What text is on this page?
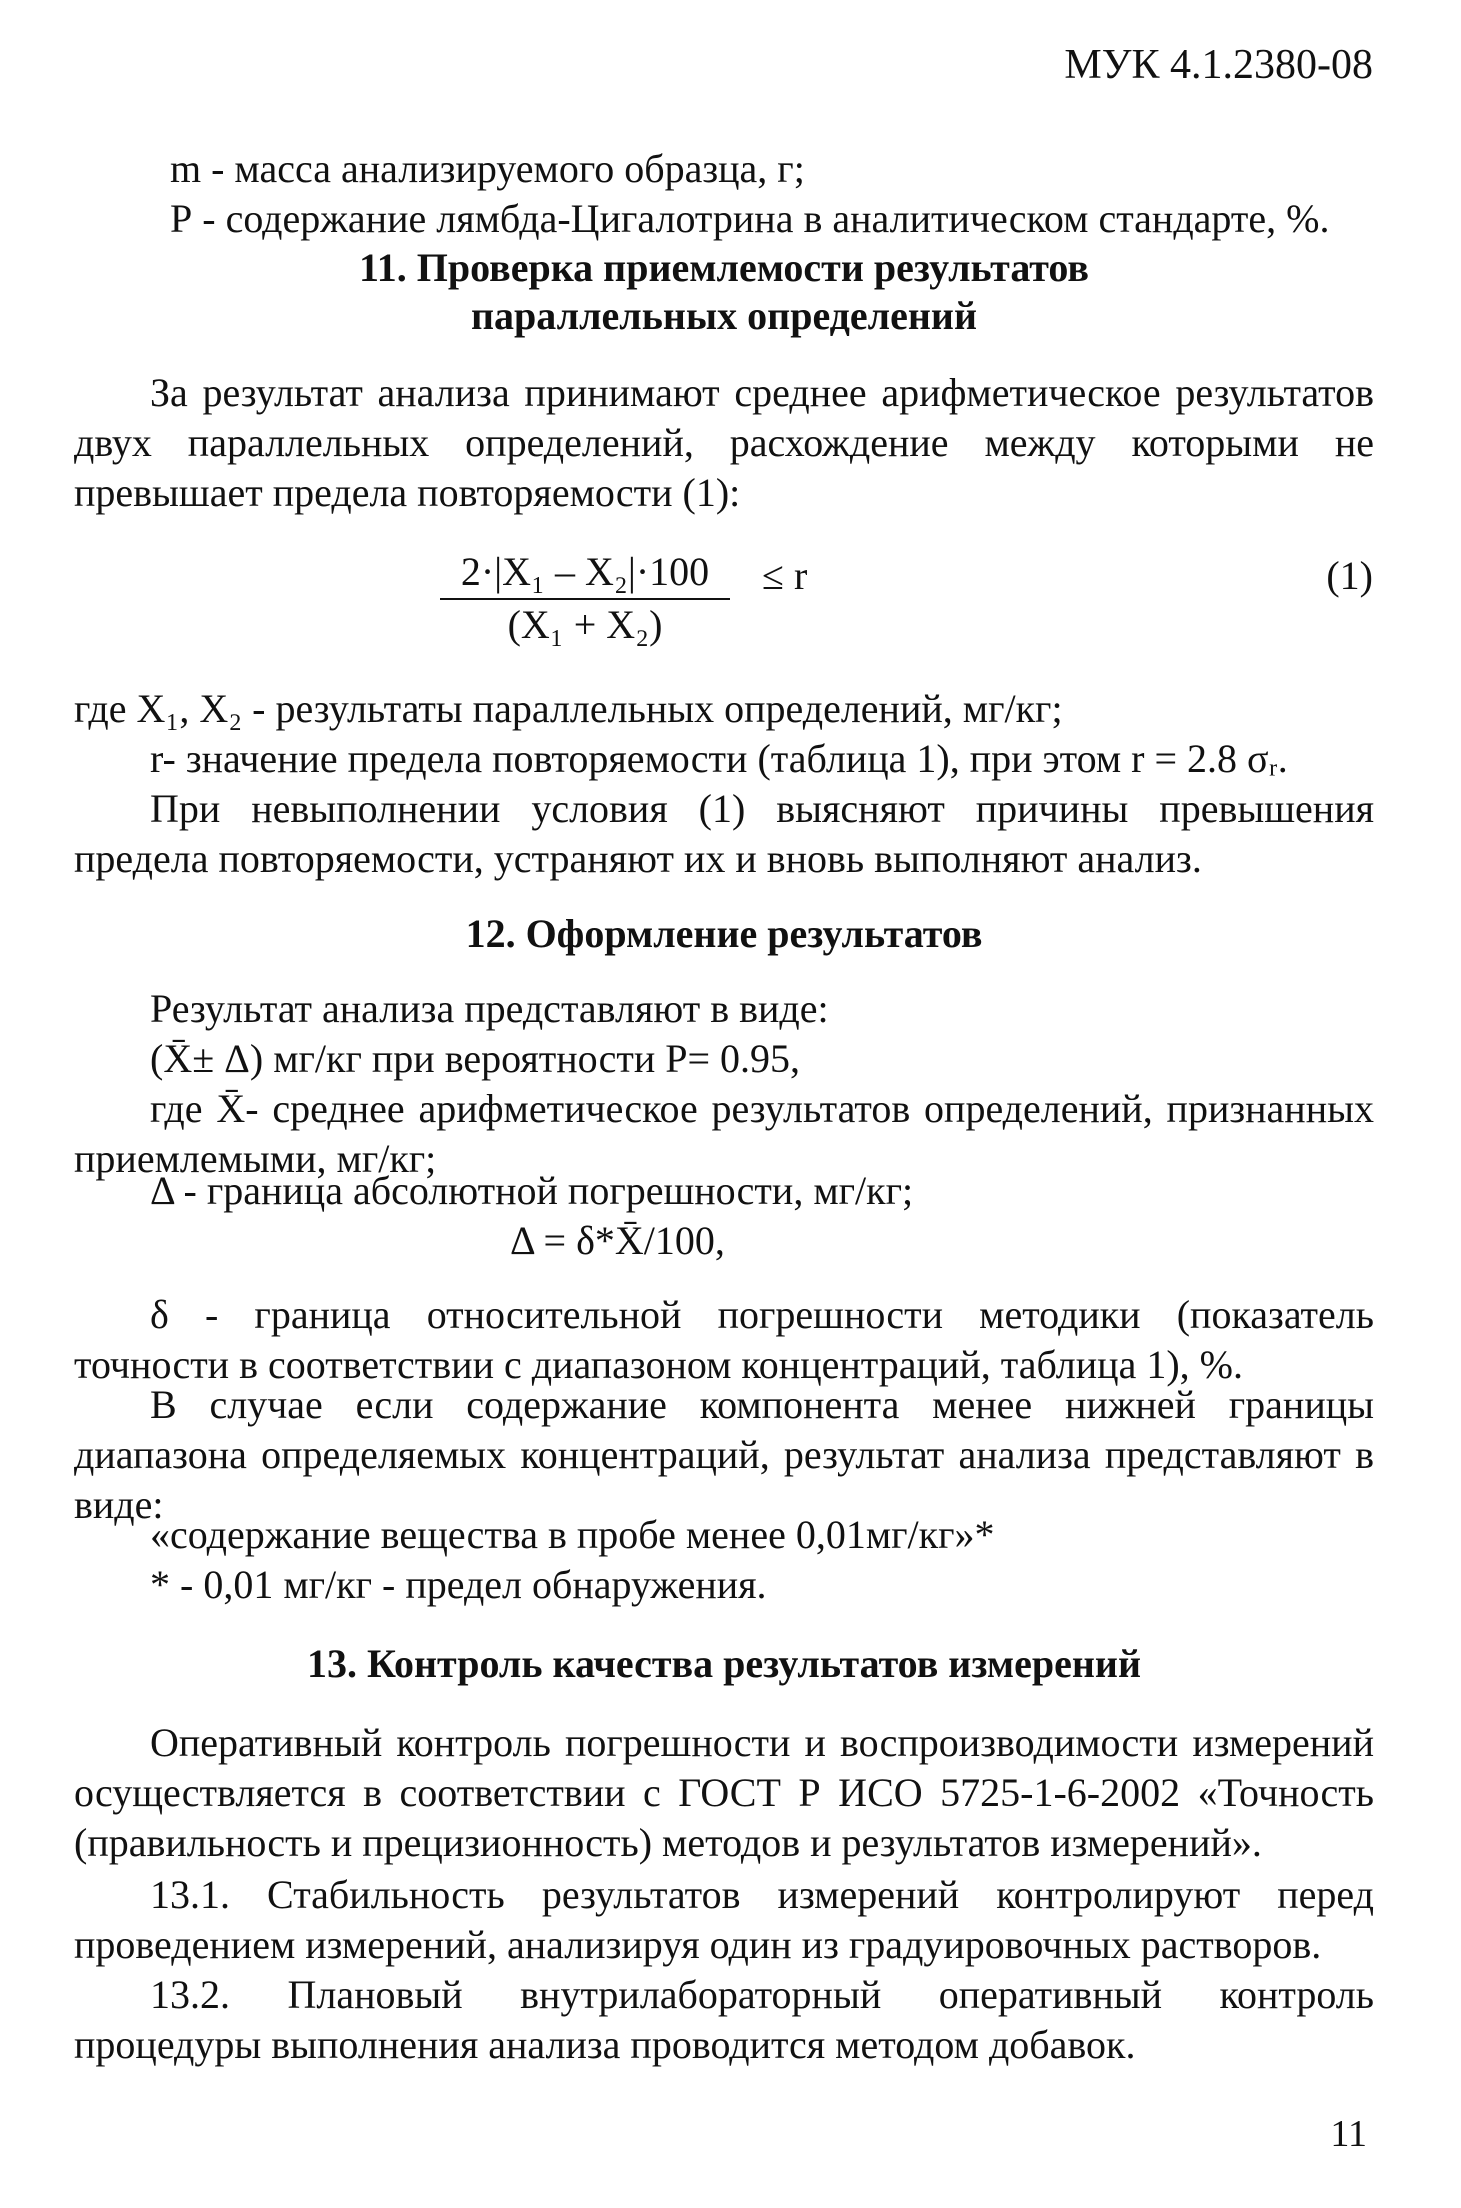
МУК 4.1.2380-08

m - масса анализируемого образца, г;

Р - содержание лямбда-Цигалотрина в аналитическом стандарте, %.

11. Проверка приемлемости результатов
параллельных определений

За результат анализа принимают среднее арифметическое результатов двух параллельных определений, расхождение между которыми не превышает предела повторяемости (1):

$\frac{\text{2·|X₁ – X₂|·100}}{\text{(X₁ + X₂)}} \le r$	(1)

где X₁, X₂ - результаты параллельных определений, мг/кг;

r- значение предела повторяемости (таблица 1), при этом r = 2.8 σᵣ.

При невыполнении условия (1) выясняют причины превышения предела повторяемости, устраняют их и вновь выполняют анализ.

12. Оформление результатов

Результат анализа представляют в виде:

(X̄± Δ) мг/кг при вероятности Р= 0.95,

где X̄- среднее арифметическое результатов определений, признанных приемлемыми, мг/кг;

Δ - граница абсолютной погрешности, мг/кг;

Δ = δ*X̄/100,

δ - граница относительной погрешности методики (показатель точности в соответствии с диапазоном концентраций, таблица 1), %.

В случае если содержание компонента менее нижней границы диапазона определяемых концентраций, результат анализа представляют в виде:

«содержание вещества в пробе менее 0,01мг/кг»*

* - 0,01 мг/кг - предел обнаружения.

13. Контроль качества результатов измерений

Оперативный контроль погрешности и воспроизводимости измерений осуществляется в соответствии с ГОСТ Р ИСО 5725-1-6-2002 «Точность (правильность и прецизионность) методов и результатов измерений».

13.1. Стабильность результатов измерений контролируют перед проведением измерений, анализируя один из градуировочных растворов.

13.2. Плановый внутрилабораторный оперативный контроль процедуры выполнения анализа проводится методом добавок.

11
